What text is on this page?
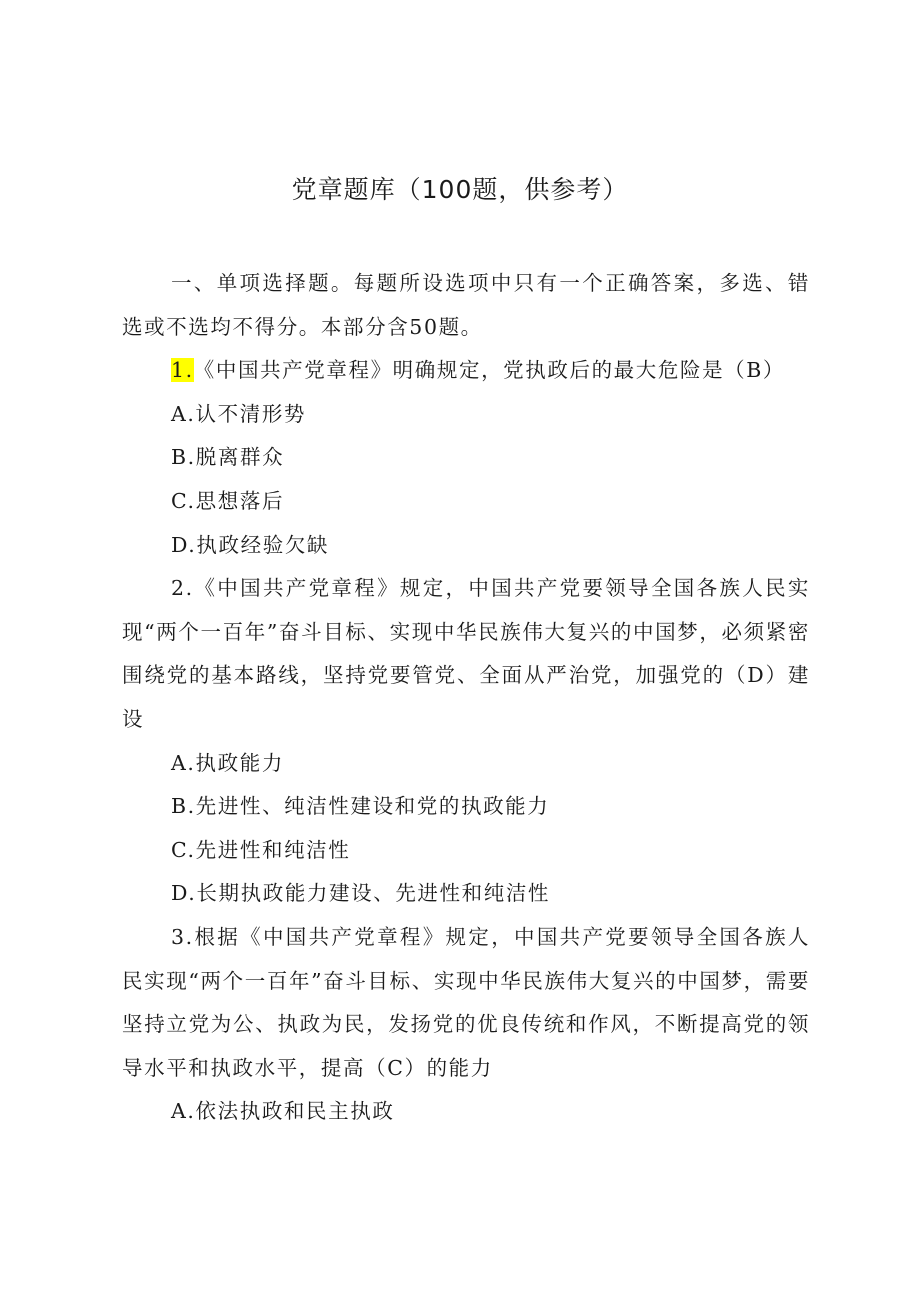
党章题库（100题，供参考）

一、单项选择题。每题所设选项中只有一个正确答案，多选、错选或不选均不得分。本部分含50题。

1.《中国共产党章程》明确规定，党执政后的最大危险是（B）

A.认不清形势

B.脱离群众

C.思想落后

D.执政经验欠缺

2.《中国共产党章程》规定，中国共产党要领导全国各族人民实现“两个一百年”奋斗目标、实现中华民族伟大复兴的中国梦，必须紧密围绕党的基本路线，坚持党要管党、全面从严治党，加强党的（D）建设

A.执政能力

B.先进性、纯洁性建设和党的执政能力

C.先进性和纯洁性

D.长期执政能力建设、先进性和纯洁性

3.根据《中国共产党章程》规定，中国共产党要领导全国各族人民实现“两个一百年”奋斗目标、实现中华民族伟大复兴的中国梦，需要坚持立党为公、执政为民，发扬党的优良传统和作风，不断提高党的领导水平和执政水平，提高（C）的能力

A.依法执政和民主执政
